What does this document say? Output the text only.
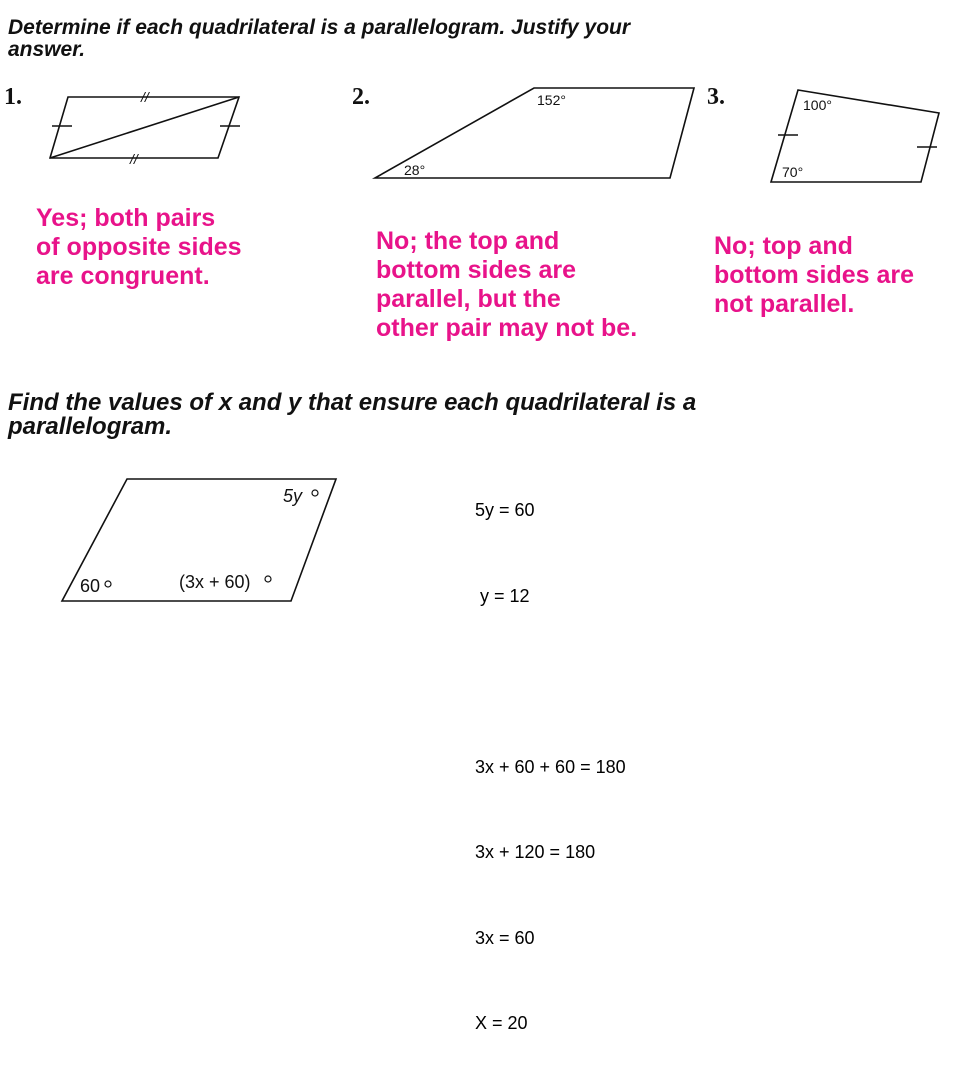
Determine if each quadrilateral is a parallelogram. Justify your
answer.
1.	2.	3.
//
//
152°
28°
100°
70°
Yes; both pairs
of opposite sides
are congruent.
No; the top and
bottom sides are
parallel, but the
other pair may not be.
No; top and
bottom sides are
not parallel.
Find the values of x and y that ensure each quadrilateral is a
parallelogram.
5y
60	(3x + 60)

5y = 60

y = 12

3x + 60 + 60 = 180

3x + 120 = 180

3x = 60

X = 20
